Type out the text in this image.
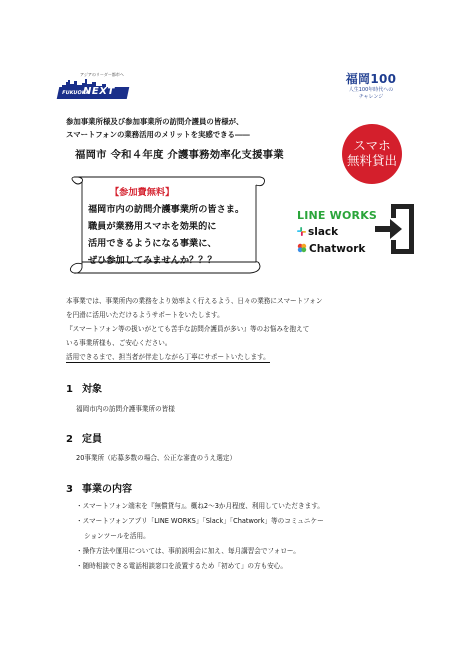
アジアのリーダー都市へ
FUKUOKA
NEXT
福岡100
人生100年時代への
チャレンジ
参加事業所様及び参加事業所の訪問介護員の皆様が、
スマートフォンの業務活用のメリットを実感できる――
福岡市 令和４年度 介護事務効率化支援事業
スマホ
無料貸出
【参加費無料】
福岡市内の訪問介護事業所の皆さま。
職員が業務用スマホを効果的に
活用できるようになる事業に、
ぜひ参加してみませんか？？？
LINE WORKS
slack
Chatwork
本事業では、事業所内の業務をより効率よく行えるよう、日々の業務にスマートフォン
を円滑に活用いただけるようサポートをいたします。
『スマートフォン等の扱いがとても苦手な訪問介護員が多い』等のお悩みを抱えて
いる事業所様も、ご安心ください。
活用できるまで、担当者が伴走しながら丁寧にサポートいたします。
1 対象
福岡市内の訪問介護事業所の皆様
2 定員
20事業所（応募多数の場合、公正な審査のうえ選定）
3 事業の内容
・スマートフォン端末を『無償貸与』。概ね2～3か月程度、利用していただきます。
・スマートフォンアプリ「LINE WORKS」「Slack」「Chatwork」等のコミュニケー
ションツールを活用。
・操作方法や運用については、事前説明会に加え、毎月講習会でフォロー。
・随時相談できる電話相談窓口を設置するため「初めて」の方も安心。
